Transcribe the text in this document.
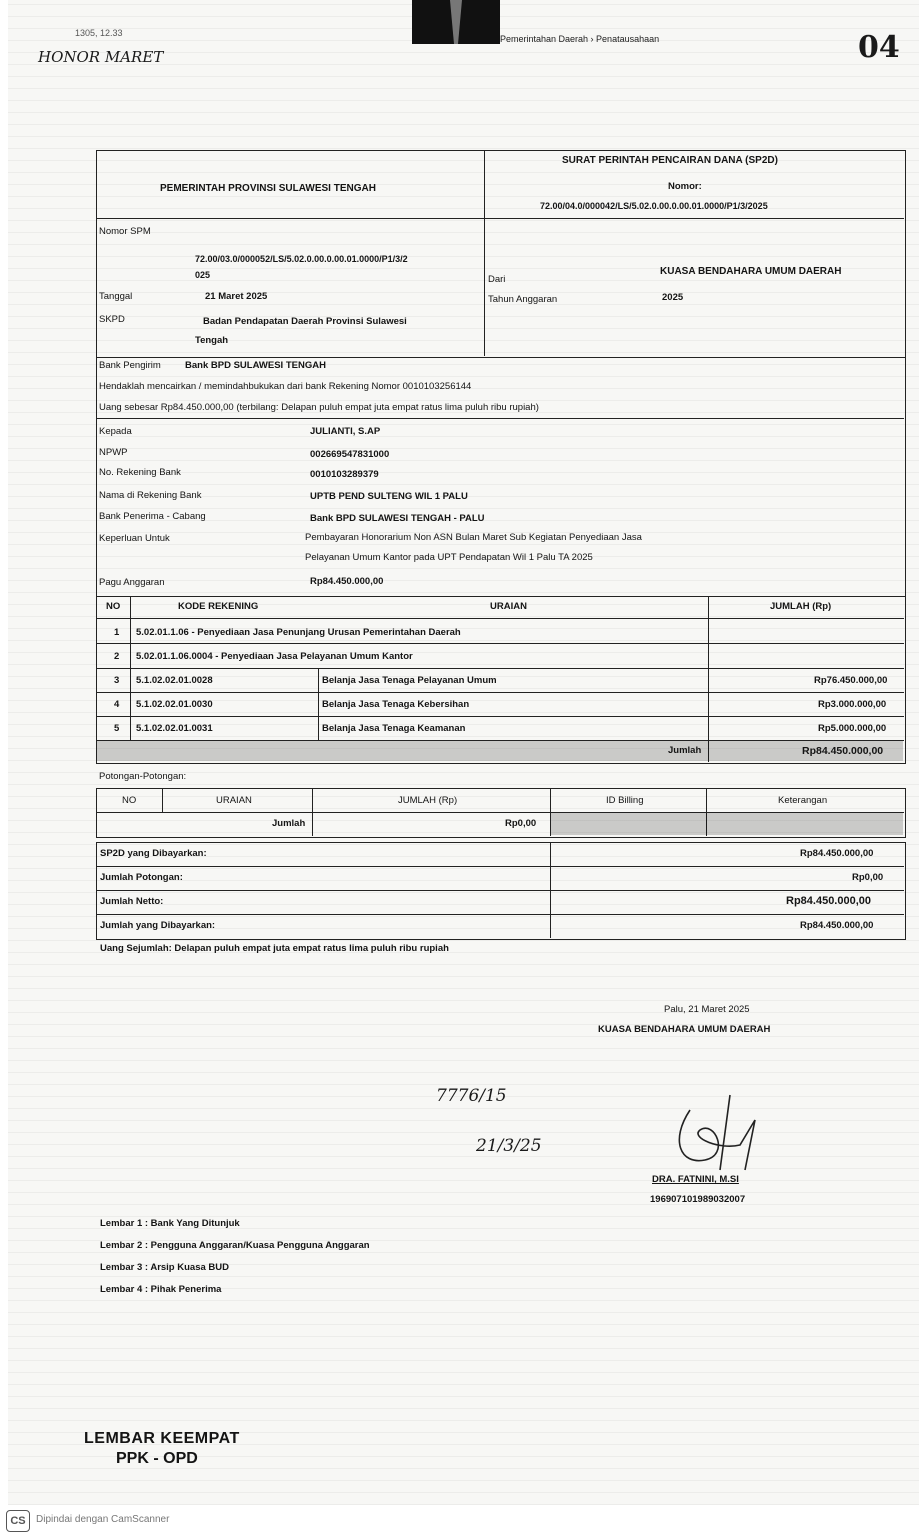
1305, 12.33
HONOR MARET	04
Pemerintahan Daerah › Penatausahaan
SURAT PERINTAH PENCAIRAN DANA (SP2D)
PEMERINTAH PROVINSI SULAWESI TENGAH	Nomor:
72.00/04.0/000042/LS/5.02.0.00.0.00.01.0000/P1/3/2025
Nomor SPM
72.00/03.0/000052/LS/5.02.0.00.0.00.01.0000/P1/3/2
025
Tanggal	21 Maret 2025
SKPD	Badan Pendapatan Daerah Provinsi Sulawesi
Tengah
Dari
KUASA BENDAHARA UMUM DAERAH
Tahun Anggaran	2025
Bank Pengirim	Bank BPD SULAWESI TENGAH
Hendaklah mencairkan / memindahbukukan dari bank Rekening Nomor 0010103256144
Uang sebesar Rp84.450.000,00 (terbilang: Delapan puluh empat juta empat ratus lima puluh ribu rupiah)
Kepada	JULIANTI, S.AP
NPWP	002669547831000
No. Rekening Bank	0010103289379
Nama di Rekening Bank	UPTB PEND SULTENG WIL 1 PALU
Bank Penerima - Cabang	Bank BPD SULAWESI TENGAH - PALU
Keperluan Untuk	Pembayaran Honorarium Non ASN Bulan Maret Sub Kegiatan Penyediaan Jasa
Pelayanan Umum Kantor pada UPT Pendapatan Wil 1 Palu TA 2025
Pagu Anggaran	Rp84.450.000,00
NO	KODE REKENING	URAIAN	JUMLAH (Rp)
1 5.02.01.1.06 - Penyediaan Jasa Penunjang Urusan Pemerintahan Daerah
2 5.02.01.1.06.0004 - Penyediaan Jasa Pelayanan Umum Kantor
3 5.1.02.02.01.0028	Belanja Jasa Tenaga Pelayanan Umum	Rp76.450.000,00
4 5.1.02.02.01.0030	Belanja Jasa Tenaga Kebersihan	Rp3.000.000,00
5 5.1.02.02.01.0031	Belanja Jasa Tenaga Keamanan	Rp5.000.000,00
Jumlah	Rp84.450.000,00
Potongan-Potongan:
NO	URAIAN	JUMLAH (Rp)	ID Billing	Keterangan
Jumlah	Rp0,00
SP2D yang Dibayarkan:	Rp84.450.000,00
Jumlah Potongan:	Rp0,00
Jumlah Netto:	Rp84.450.000,00
Jumlah yang Dibayarkan:	Rp84.450.000,00
Uang Sejumlah: Delapan puluh empat juta empat ratus lima puluh ribu rupiah
Palu, 21 Maret 2025
KUASA BENDAHARA UMUM DAERAH
7776/15
21/3/25
DRA. FATNINI, M.SI
196907101989032007
Lembar 1 : Bank Yang Ditunjuk
Lembar 2 : Pengguna Anggaran/Kuasa Pengguna Anggaran
Lembar 3 : Arsip Kuasa BUD
Lembar 4 : Pihak Penerima
LEMBAR KEEMPAT
PPK - OPD
CS	Dipindai dengan CamScanner
